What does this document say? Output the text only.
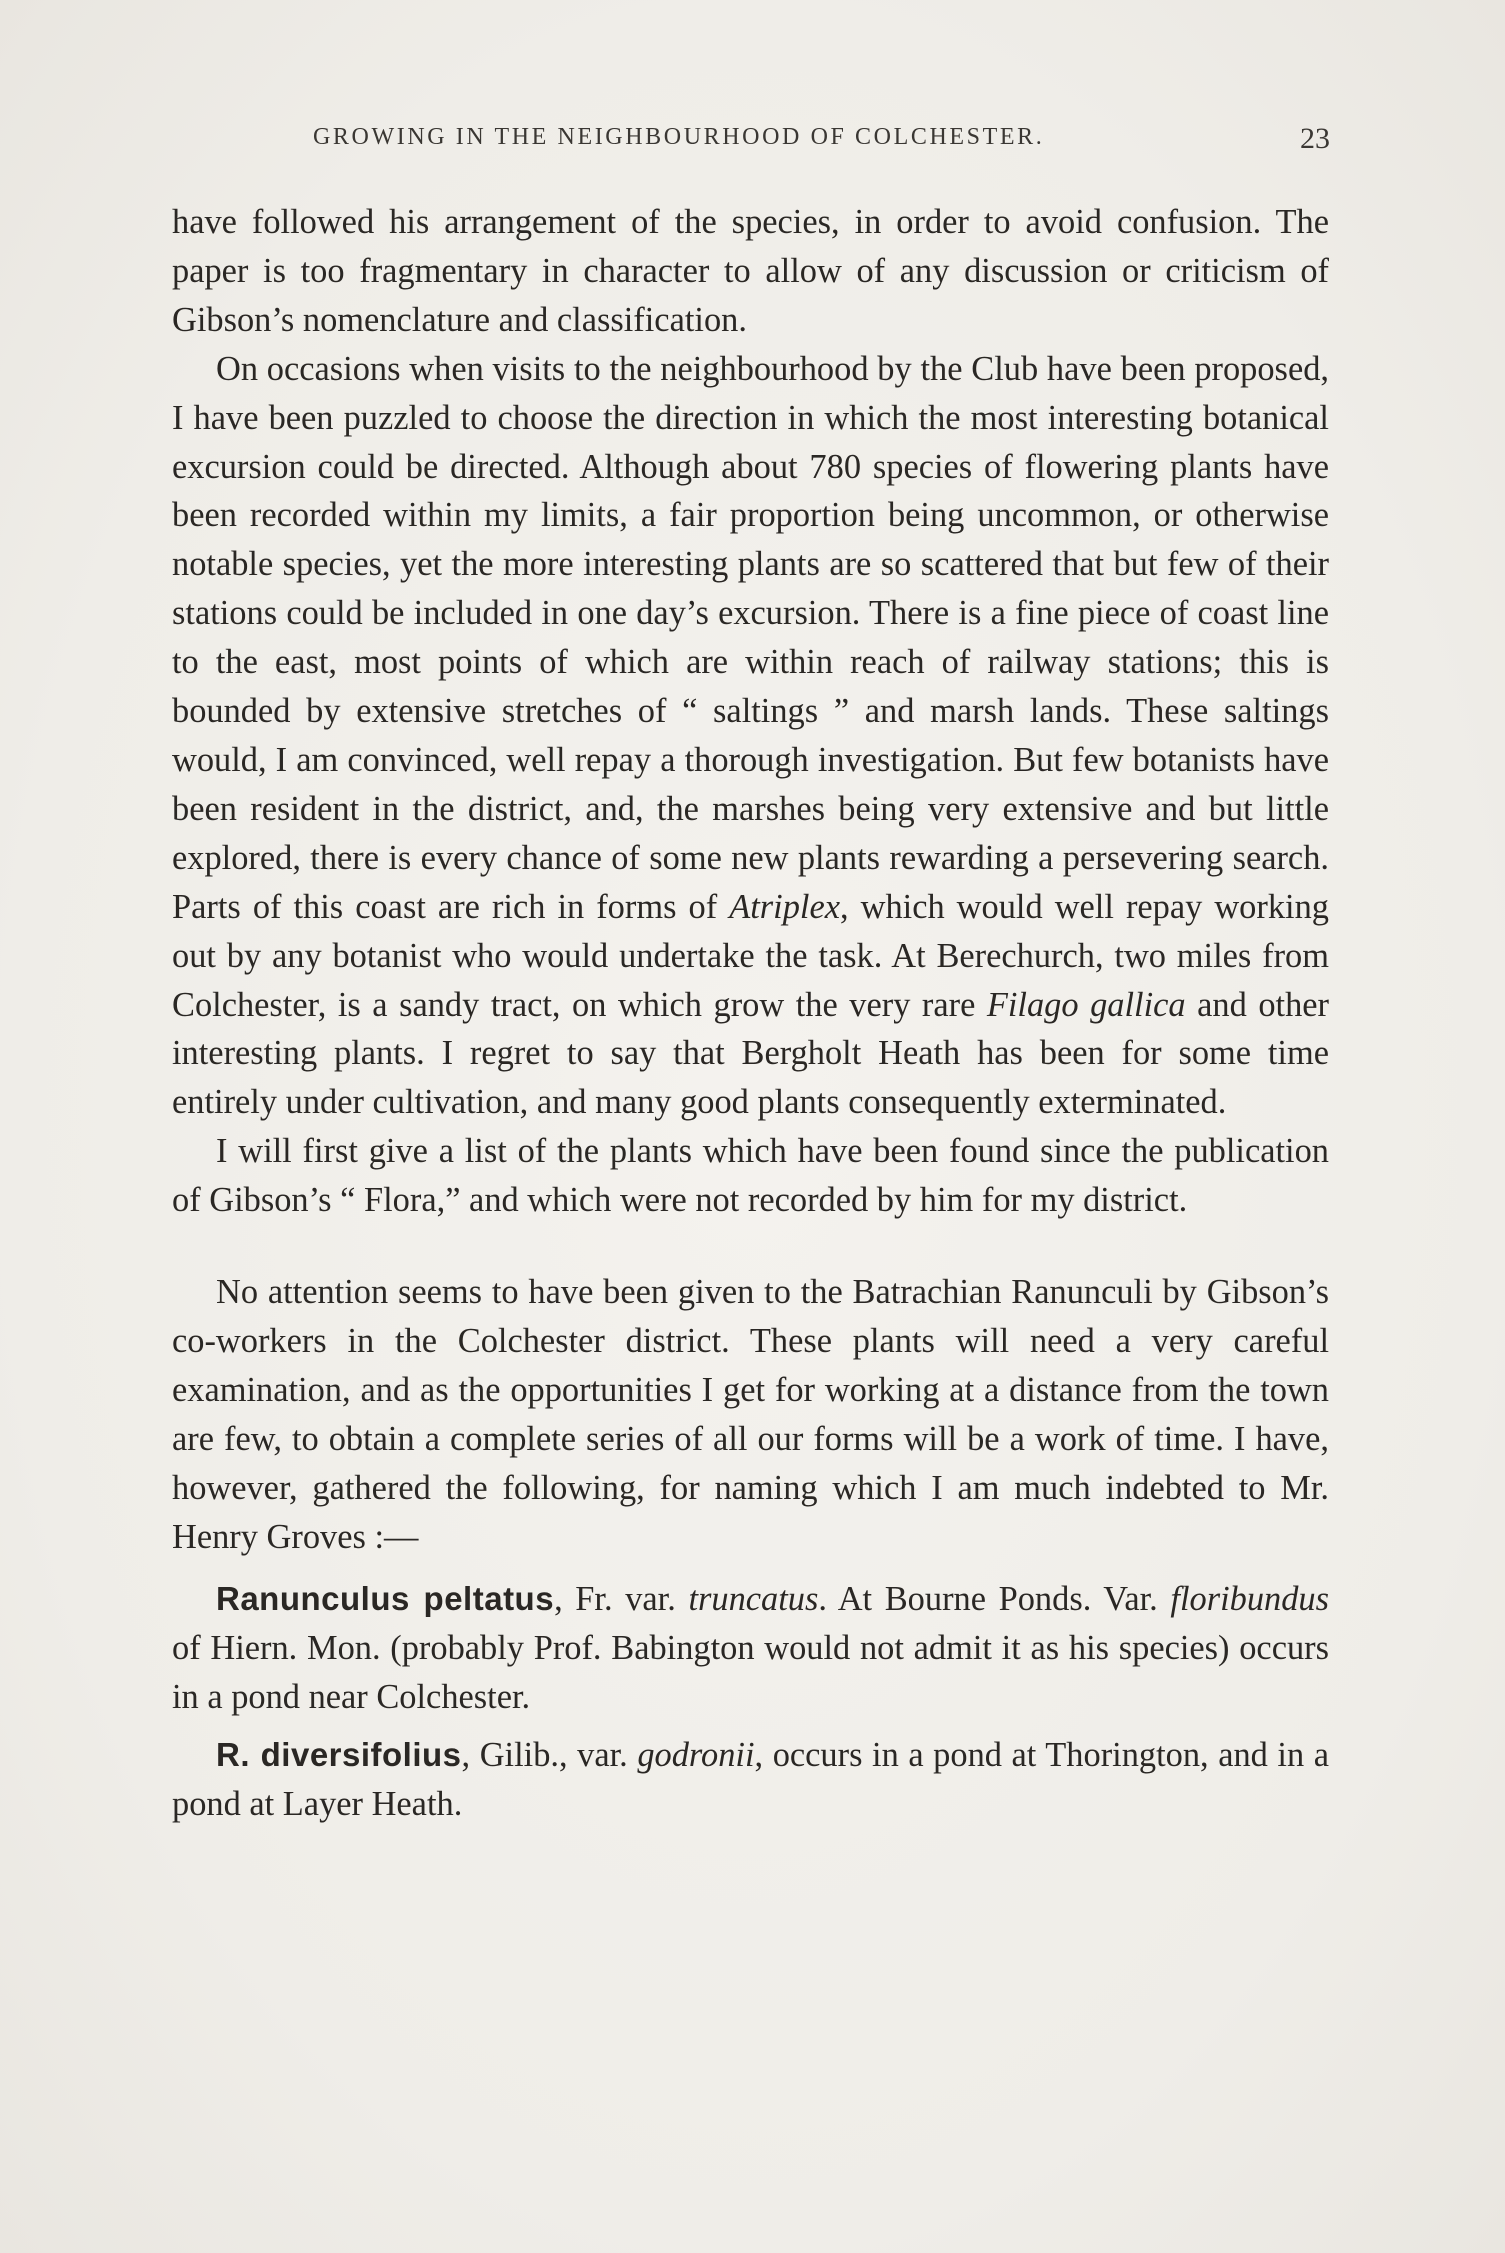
GROWING IN THE NEIGHBOURHOOD OF COLCHESTER.	23

have followed his arrangement of the species, in order to avoid confusion. The paper is too fragmentary in character to allow of any discussion or criticism of Gibson’s nomenclature and classification.

On occasions when visits to the neighbourhood by the Club have been proposed, I have been puzzled to choose the direction in which the most interesting botanical excursion could be directed. Although about 780 species of flowering plants have been recorded within my limits, a fair proportion being uncommon, or otherwise notable species, yet the more interesting plants are so scattered that but few of their stations could be included in one day’s excursion. There is a fine piece of coast line to the east, most points of which are within reach of railway stations; this is bounded by extensive stretches of “ saltings ” and marsh lands. These saltings would, I am convinced, well repay a thorough investigation. But few botanists have been resident in the district, and, the marshes being very extensive and but little explored, there is every chance of some new plants rewarding a persevering search. Parts of this coast are rich in forms of Atriplex, which would well repay working out by any botanist who would undertake the task. At Berechurch, two miles from Colchester, is a sandy tract, on which grow the very rare Filago gallica and other interesting plants. I regret to say that Bergholt Heath has been for some time entirely under cultivation, and many good plants consequently exterminated.

I will first give a list of the plants which have been found since the publication of Gibson’s “ Flora,” and which were not recorded by him for my district.

No attention seems to have been given to the Batrachian Ranunculi by Gibson’s co-workers in the Colchester district. These plants will need a very careful examination, and as the opportunities I get for working at a distance from the town are few, to obtain a complete series of all our forms will be a work of time. I have, however, gathered the following, for naming which I am much indebted to Mr. Henry Groves :—

Ranunculus peltatus, Fr. var. truncatus. At Bourne Ponds. Var. floribundus of Hiern. Mon. (probably Prof. Babington would not admit it as his species) occurs in a pond near Colchester.

R. diversifolius, Gilib., var. godronii, occurs in a pond at Thorington, and in a pond at Layer Heath.
